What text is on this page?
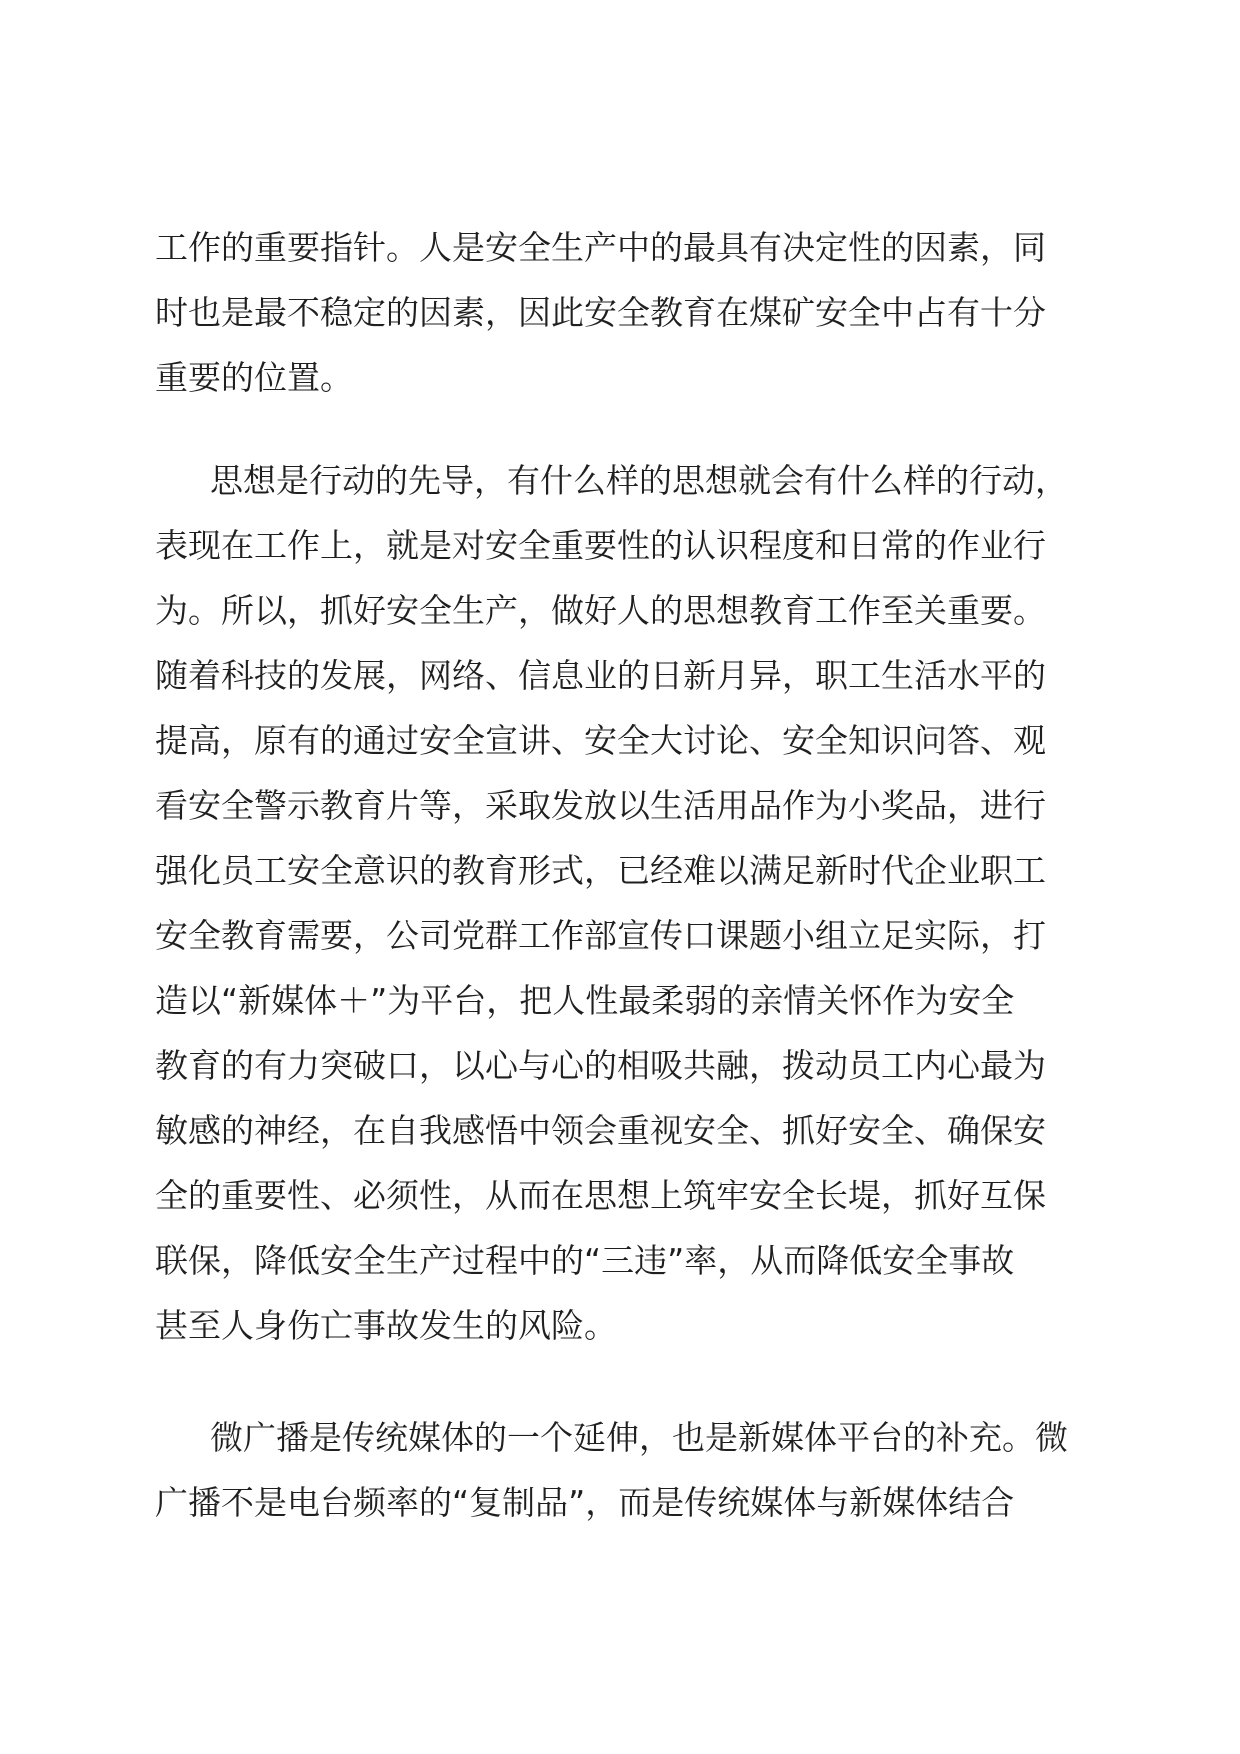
工作的重要指针。人是安全生产中的最具有决定性的因素，同
时也是最不稳定的因素，因此安全教育在煤矿安全中占有十分
重要的位置。
思想是行动的先导，有什么样的思想就会有什么样的行动，
表现在工作上，就是对安全重要性的认识程度和日常的作业行
为。所以，抓好安全生产，做好人的思想教育工作至关重要。
随着科技的发展，网络、信息业的日新月异，职工生活水平的
提高，原有的通过安全宣讲、安全大讨论、安全知识问答、观
看安全警示教育片等，采取发放以生活用品作为小奖品，进行
强化员工安全意识的教育形式，已经难以满足新时代企业职工
安全教育需要，公司党群工作部宣传口课题小组立足实际，打
造以“新媒体＋”为平台，把人性最柔弱的亲情关怀作为安全
教育的有力突破口，以心与心的相吸共融，拨动员工内心最为
敏感的神经，在自我感悟中领会重视安全、抓好安全、确保安
全的重要性、必须性，从而在思想上筑牢安全长堤，抓好互保
联保，降低安全生产过程中的“三违”率，从而降低安全事故
甚至人身伤亡事故发生的风险。
微广播是传统媒体的一个延伸，也是新媒体平台的补充。微
广播不是电台频率的“复制品”，而是传统媒体与新媒体结合
